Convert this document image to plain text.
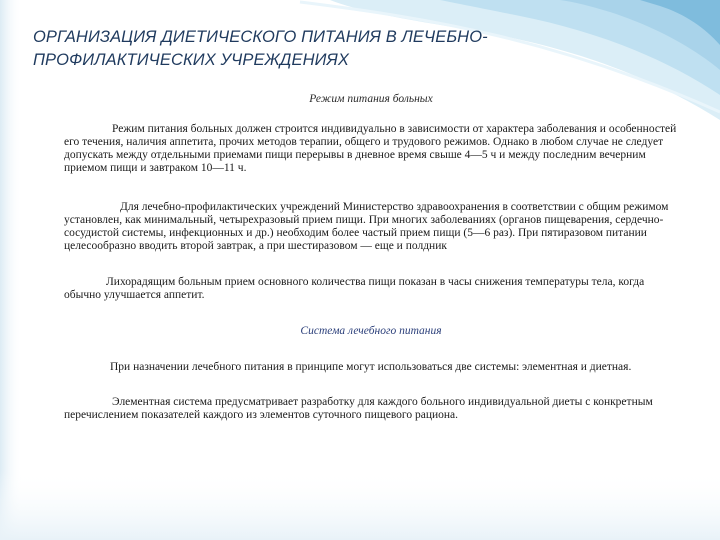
ОРГАНИЗАЦИЯ ДИЕТИЧЕСКОГО ПИТАНИЯ В ЛЕЧЕБНО-
ПРОФИЛАКТИЧЕСКИХ УЧРЕЖДЕНИЯХ
Режим питания больных

Режим питания больных должен строится индивидуально в зависимости от характера заболевания и особенностей его течения, наличия аппетита, прочих методов терапии, общего и трудового режимов. Однако в любом случае не следует допускать между отдельными приемами пищи перерывы в дневное время свыше 4—5 ч и между последним вечерним приемом пищи и завтраком 10—11 ч.

Для лечебно-профилактических учреждений Министерство здравоохранения в соответствии с общим режимом установлен, как минимальный, четырехразовый прием пищи. При многих заболеваниях (органов пищеварения, сердечно-сосудистой системы, инфекционных и др.) необходим более частый прием пищи (5—6 раз). При пятиразовом питании целесообразно вводить второй завтрак, а при шестиразовом — еще и полдник

Лихорадящим больным прием основного количества пищи показан в часы снижения температуры тела, когда обычно улучшается аппетит.

Система лечебного питания

При назначении лечебного питания в принципе могут использоваться две системы: элементная и диетная.

Элементная система предусматривает разработку для каждого больного индивидуальной диеты с конкретным перечислением показателей каждого из элементов суточного пищевого рациона.
